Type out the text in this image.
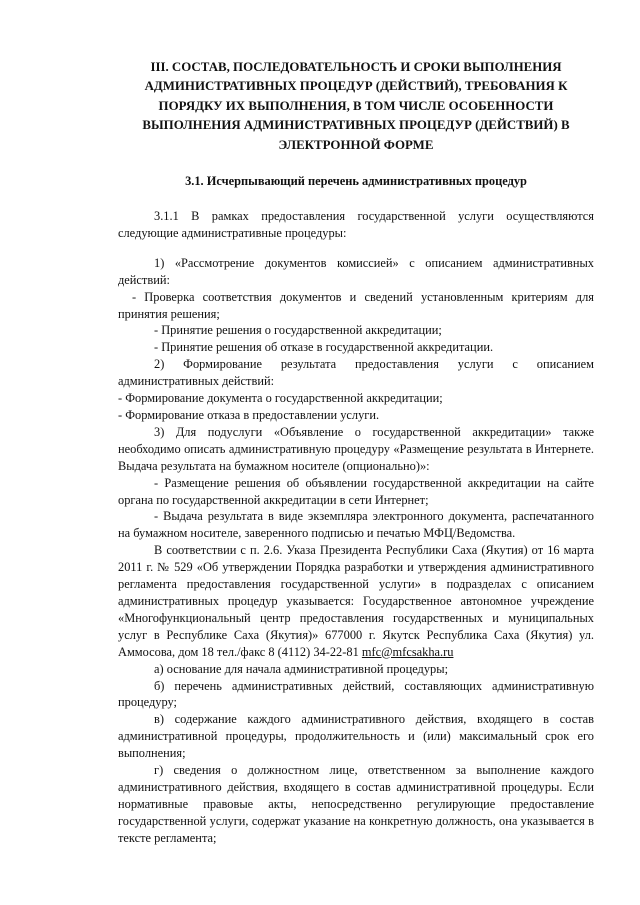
III. СОСТАВ, ПОСЛЕДОВАТЕЛЬНОСТЬ И СРОКИ ВЫПОЛНЕНИЯ АДМИНИСТРАТИВНЫХ ПРОЦЕДУР (ДЕЙСТВИЙ), ТРЕБОВАНИЯ К ПОРЯДКУ ИХ ВЫПОЛНЕНИЯ, В ТОМ ЧИСЛЕ ОСОБЕННОСТИ ВЫПОЛНЕНИЯ АДМИНИСТРАТИВНЫХ ПРОЦЕДУР (ДЕЙСТВИЙ) В ЭЛЕКТРОННОЙ ФОРМЕ
3.1. Исчерпывающий перечень административных процедур

3.1.1 В рамках предоставления государственной услуги осуществляются следующие административные процедуры:

1) «Рассмотрение документов комиссией» с описанием административных действий:

- Проверка соответствия документов и сведений установленным критериям для принятия решения;

- Принятие решения о государственной аккредитации;

- Принятие решения об отказе в государственной аккредитации.

2) Формирование результата предоставления услуги с описанием административных действий:

- Формирование документа о государственной аккредитации;

- Формирование отказа в предоставлении услуги.

3) Для подуслуги «Объявление о государственной аккредитации» также необходимо описать административную процедуру «Размещение результата в Интернете. Выдача результата на бумажном носителе (опционально)»:

- Размещение решения об объявлении государственной аккредитации на сайте органа по государственной аккредитации в сети Интернет;

- Выдача результата в виде экземпляра электронного документа, распечатанного на бумажном носителе, заверенного подписью и печатью МФЦ/Ведомства.

В соответствии с п. 2.6. Указа Президента Республики Саха (Якутия) от 16 марта 2011 г. № 529 «Об утверждении Порядка разработки и утверждения административного регламента предоставления государственной услуги» в подразделах с описанием административных процедур указывается: Государственное автономное учреждение «Многофункциональный центр предоставления государственных и муниципальных услуг в Республике Саха (Якутия)» 677000 г. Якутск Республика Саха (Якутия) ул. Аммосова, дом 18 тел./факс 8 (4112) 34-22-81 mfc@mfcsakha.ru

а) основание для начала административной процедуры;

б) перечень административных действий, составляющих административную процедуру;

в) содержание каждого административного действия, входящего в состав административной процедуры, продолжительность и (или) максимальный срок его выполнения;

г) сведения о должностном лице, ответственном за выполнение каждого административного действия, входящего в состав административной процедуры. Если нормативные правовые акты, непосредственно регулирующие предоставление государственной услуги, содержат указание на конкретную должность, она указывается в тексте регламента;
